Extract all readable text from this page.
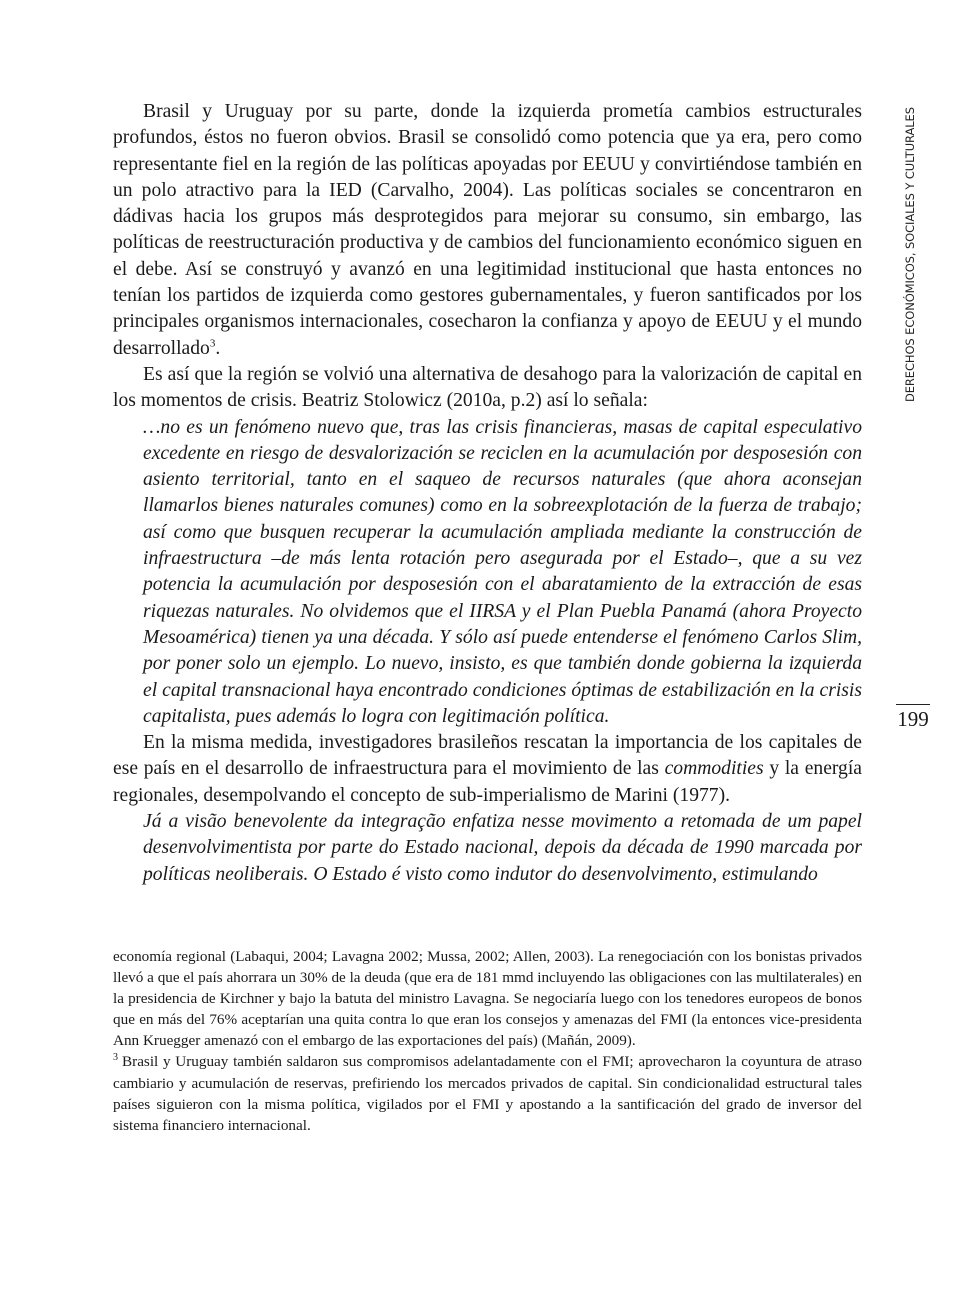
DERECHOS ECONÓMICOS, SOCIALES Y CULTURALES
199

Brasil y Uruguay por su parte, donde la izquierda prometía cambios estructurales profundos, éstos no fueron obvios. Brasil se consolidó como potencia que ya era, pero como representante fiel en la región de las políticas apoyadas por EEUU y convirtiéndose también en un polo atractivo para la IED (Carvalho, 2004). Las políticas sociales se concentraron en dádivas hacia los grupos más desprotegidos para mejorar su consumo, sin embargo, las políticas de reestructuración productiva y de cambios del funcionamiento económico siguen en el debe. Así se construyó y avanzó en una legitimidad institucional que hasta entonces no tenían los partidos de izquierda como gestores gubernamentales, y fueron santificados por los principales organismos internacionales, cosecharon la confianza y apoyo de EEUU y el mundo desarrollado$^3$.

Es así que la región se volvió una alternativa de desahogo para la valorización de capital en los momentos de crisis. Beatriz Stolowicz (2010a, p.2) así lo señala:

…no es un fenómeno nuevo que, tras las crisis financieras, masas de capital especulativo excedente en riesgo de desvalorización se reciclen en la acumulación por desposesión con asiento territorial, tanto en el saqueo de recursos naturales (que ahora aconsejan llamarlos bienes naturales comunes) como en la sobreexplotación de la fuerza de trabajo; así como que busquen recuperar la acumulación ampliada mediante la construcción de infraestructura –de más lenta rotación pero asegurada por el Estado–, que a su vez potencia la acumulación por desposesión con el abaratamiento de la extracción de esas riquezas naturales. No olvidemos que el IIRSA y el Plan Puebla Panamá (ahora Proyecto Mesoamérica) tienen ya una década. Y sólo así puede entenderse el fenómeno Carlos Slim, por poner solo un ejemplo. Lo nuevo, insisto, es que también donde gobierna la izquierda el capital transnacional haya encontrado condiciones óptimas de estabilización en la crisis capitalista, pues además lo logra con legitimación política.

En la misma medida, investigadores brasileños rescatan la importancia de los capitales de ese país en el desarrollo de infraestructura para el movimiento de las commodities y la energía regionales, desempolvando el concepto de sub-imperialismo de Marini (1977).

Já a visão benevolente da integração enfatiza nesse movimento a retomada de um papel desenvolvimentista por parte do Estado nacional, depois da década de 1990 marcada por políticas neoliberais. O Estado é visto como indutor do desenvolvimento, estimulando

economía regional (Labaqui, 2004; Lavagna 2002; Mussa, 2002; Allen, 2003). La renegociación con los bonistas privados llevó a que el país ahorrara un 30% de la deuda (que era de 181 mmd incluyendo las obligaciones con las multilaterales) en la presidencia de Kirchner y bajo la batuta del ministro Lavagna. Se negociaría luego con los tenedores europeos de bonos que en más del 76% aceptarían una quita contra lo que eran los consejos y amenazas del FMI (la entonces vice-presidenta Ann Kruegger amenazó con el embargo de las exportaciones del país) (Mañán, 2009).

$^3$ Brasil y Uruguay también saldaron sus compromisos adelantadamente con el FMI; aprovecharon la coyuntura de atraso cambiario y acumulación de reservas, prefiriendo los mercados privados de capital. Sin condicionalidad estructural tales países siguieron con la misma política, vigilados por el FMI y apostando a la santificación del grado de inversor del sistema financiero internacional.
